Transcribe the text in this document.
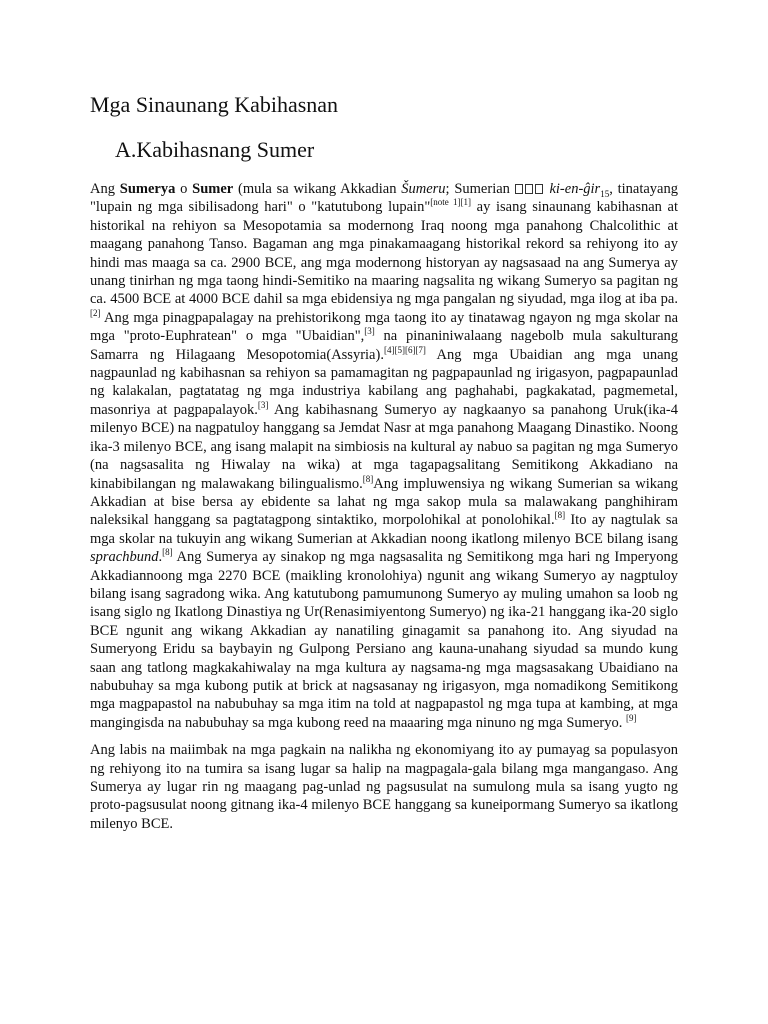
Mga Sinaunang Kabihasnan
A.Kabihasnang Sumer

Ang Sumerya o Sumer (mula sa wikang Akkadian Šumeru; Sumerian  ki-en-ĝir$_{15}$, tinatayang "lupain ng mga sibilisadong hari" o "katutubong lupain"[note 1][1] ay isang sinaunang kabihasnan at historikal na rehiyon sa Mesopotamia sa modernong Iraq noong mga panahong Chalcolithic at maagang panahong Tanso. Bagaman ang mga pinakamaagang historikal rekord sa rehiyong ito ay hindi mas maaga sa ca. 2900 BCE, ang mga modernong historyan ay nagsasaad na ang Sumerya ay unang tinirhan ng mga taong hindi-Semitiko na maaring nagsalita ng wikang Sumeryo sa pagitan ng ca. 4500 BCE at 4000 BCE dahil sa mga ebidensiya ng mga pangalan ng siyudad, mga ilog at iba pa.[2] Ang mga pinagpapalagay na prehistorikong mga taong ito ay tinatawag ngayon ng mga skolar na mga "proto-Euphratean" o mga "Ubaidian",[3] na pinaniniwalaang nagebolb mula sakulturang Samarra ng Hilagaang Mesopotomia(Assyria).[4][5][6][7] Ang mga Ubaidian ang mga unang nagpaunlad ng kabihasnan sa rehiyon sa pamamagitan ng pagpapaunlad ng irigasyon, pagpapaunlad ng kalakalan, pagtatatag ng mga industriya kabilang ang paghahabi, pagkakatad, pagmemetal, masonriya at pagpapalayok.[3] Ang kabihasnang Sumeryo ay nagkaanyo sa panahong Uruk(ika-4 milenyo BCE) na nagpatuloy hanggang sa Jemdat Nasr at mga panahong Maagang Dinastiko. Noong ika-3 milenyo BCE, ang isang malapit na simbiosis na kultural ay nabuo sa pagitan ng mga Sumeryo (na nagsasalita ng Hiwalay na wika) at mga tagapagsalitang Semitikong Akkadiano na kinabibilangan ng malawakang bilingualismo.[8]Ang impluwensiya ng wikang Sumerian sa wikang Akkadian at bise bersa ay ebidente sa lahat ng mga sakop mula sa malawakang panghihiram naleksikal hanggang sa pagtatagpong sintaktiko, morpolohikal at ponolohikal.[8] Ito ay nagtulak sa mga skolar na tukuyin ang wikang Sumerian at Akkadian noong ikatlong milenyo BCE bilang isang sprachbund.[8] Ang Sumerya ay sinakop ng mga nagsasalita ng Semitikong mga hari ng Imperyong Akkadiannoong mga 2270 BCE (maikling kronolohiya) ngunit ang wikang Sumeryo ay nagptuloy bilang isang sagradong wika. Ang katutubong pamumunong Sumeryo ay muling umahon sa loob ng isang siglo ng Ikatlong Dinastiya ng Ur(Renasimiyentong Sumeryo) ng ika-21 hanggang ika-20 siglo BCE ngunit ang wikang Akkadian ay nanatiling ginagamit sa panahong ito. Ang siyudad na Sumeryong Eridu sa baybayin ng Gulpong Persiano ang kauna-unahang siyudad sa mundo kung saan ang tatlong magkakahiwalay na mga kultura ay nagsama-ng mga magsasakang Ubaidiano na nabubuhay sa mga kubong putik at brick at nagsasanay ng irigasyon, mga nomadikong Semitikong mga magpapastol na nabubuhay sa mga itim na told at nagpapastol ng mga tupa at kambing, at mga mangingisda na nabubuhay sa mga kubong reed na maaaring mga ninuno ng mga Sumeryo. [9]

Ang labis na maiimbak na mga pagkain na nalikha ng ekonomiyang ito ay pumayag sa populasyon ng rehiyong ito na tumira sa isang lugar sa halip na magpagala-gala bilang mga mangangaso. Ang Sumerya ay lugar rin ng maagang pag-unlad ng pagsusulat na sumulong mula sa isang yugto ng proto-pagsusulat noong gitnang ika-4 milenyo BCE hanggang sa kuneipormang Sumeryo sa ikatlong milenyo BCE.
